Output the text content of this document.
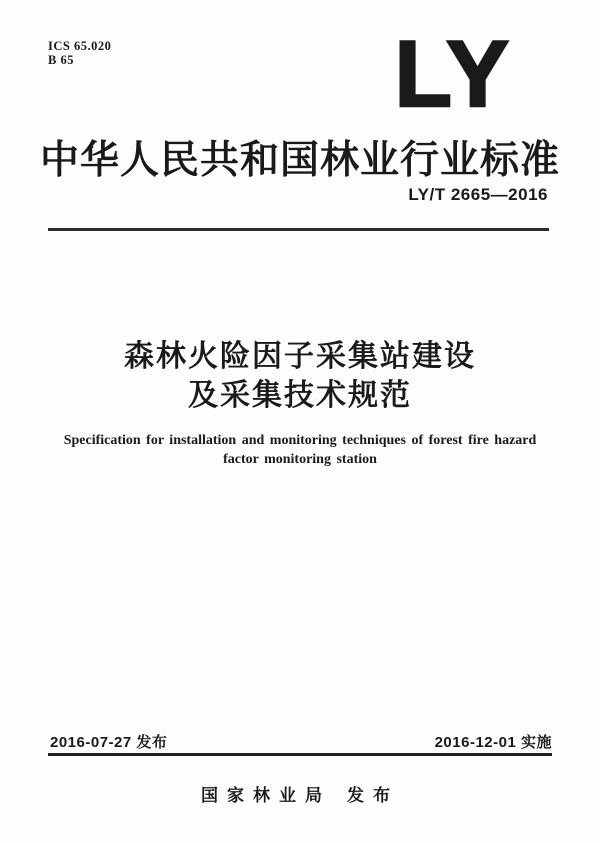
ICS 65.020
B 65	LY
中华人民共和国林业行业标准
LY/T 2665—2016
森林火险因子采集站建设
及采集技术规范
Specification for installation and monitoring techniques of forest fire hazard
factor monitoring station
2016-07-27 发布	2016-12-01 实施
国家林业局 发布
